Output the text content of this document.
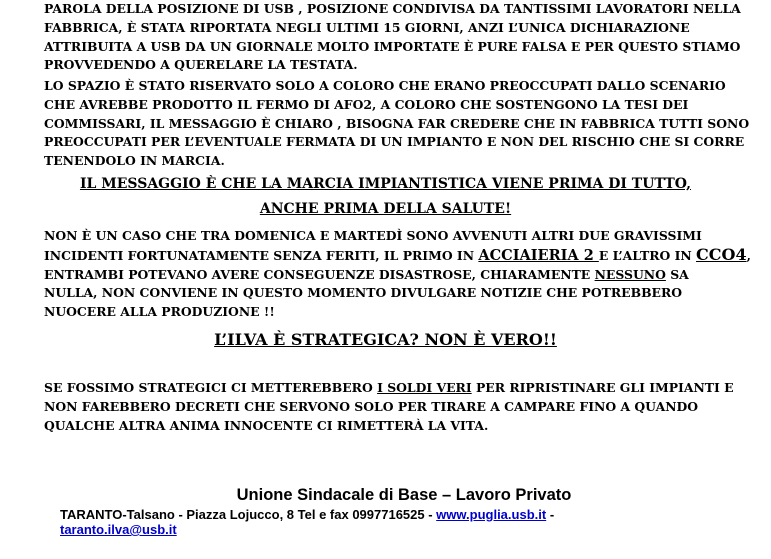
PAROLA DELLA POSIZIONE DI USB , POSIZIONE CONDIVISA DA TANTISSIMI LAVORATORI NELLA
FABBRICA, È STATA RIPORTATA NEGLI ULTIMI 15 GIORNI, ANZI L’UNICA DICHIARAZIONE
ATTRIBUITA A USB DA UN GIORNALE MOLTO IMPORTATE È PURE FALSA E PER QUESTO STIAMO
PROVVEDENDO A QUERELARE LA TESTATA.

LO SPAZIO È STATO RISERVATO SOLO A COLORO CHE ERANO PREOCCUPATI DALLO SCENARIO
CHE AVREBBE PRODOTTO IL FERMO DI AFO2, A COLORO CHE SOSTENGONO LA TESI DEI
COMMISSARI, IL MESSAGGIO È CHIARO , BISOGNA FAR CREDERE CHE IN FABBRICA TUTTI SONO
PREOCCUPATI PER L’EVENTUALE FERMATA DI UN IMPIANTO E NON DEL RISCHIO CHE SI CORRE
TENENDOLO IN MARCIA.

IL MESSAGGIO È CHE LA MARCIA IMPIANTISTICA VIENE PRIMA DI TUTTO,

ANCHE PRIMA DELLA SALUTE!

NON È UN CASO CHE TRA DOMENICA E MARTEDÌ SONO AVVENUTI ALTRI DUE GRAVISSIMI
INCIDENTI FORTUNATAMENTE SENZA FERITI, IL PRIMO IN ACCIAIERIA 2 E L’ALTRO IN CCO4,
ENTRAMBI POTEVANO AVERE CONSEGUENZE DISASTROSE, CHIARAMENTE NESSUNO SA
NULLA, NON CONVIENE IN QUESTO MOMENTO DIVULGARE NOTIZIE CHE POTREBBERO
NUOCERE ALLA PRODUZIONE !!

L’ILVA È STRATEGICA? NON È VERO!!

SE FOSSIMO STRATEGICI CI METTEREBBERO I SOLDI VERI PER RIPRISTINARE GLI IMPIANTI E
NON FAREBBERO DECRETI CHE SERVONO SOLO PER TIRARE A CAMPARE FINO A QUANDO
QUALCHE ALTRA ANIMA INNOCENTE CI RIMETTERÀ LA VITA.

Unione Sindacale di Base – Lavoro Privato

TARANTO-Talsano - Piazza Lojucco, 8 Tel e fax 0997716525 - www.puglia.usb.it -

taranto.ilva@usb.it
